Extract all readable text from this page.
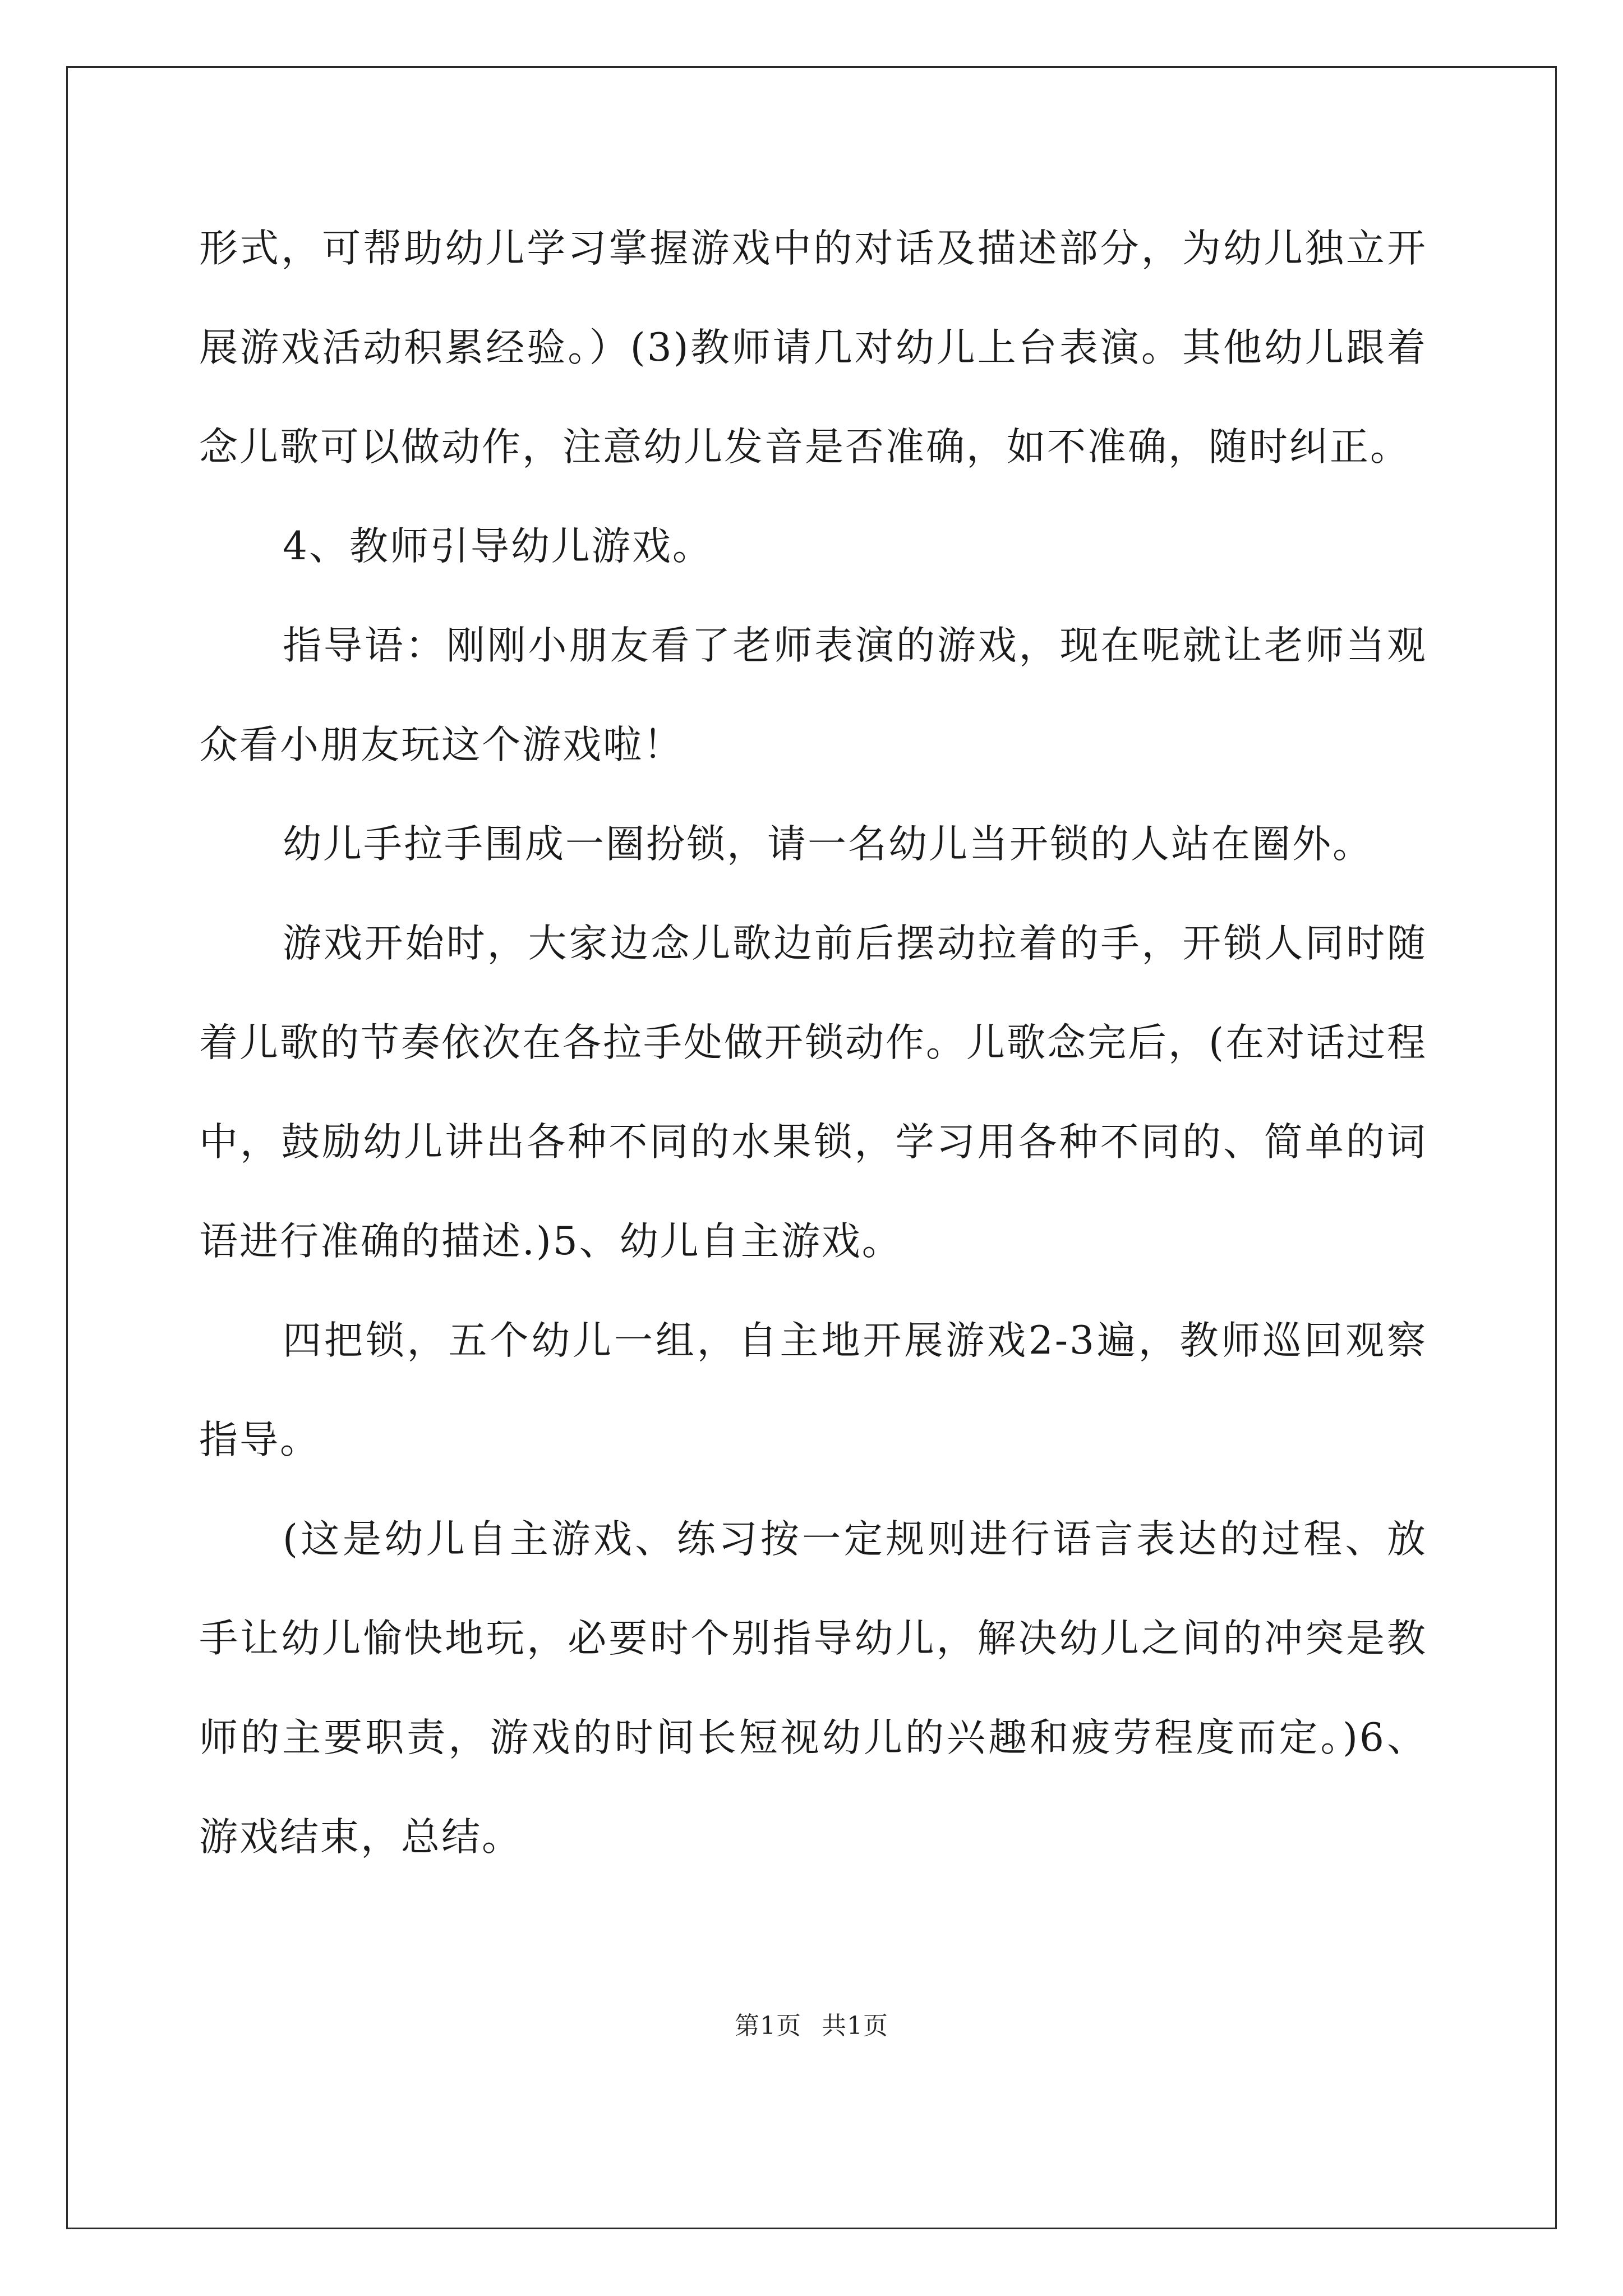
形式，可帮助幼儿学习掌握游戏中的对话及描述部分，为幼儿独立开展游戏活动积累经验。）(3)教师请几对幼儿上台表演。其他幼儿跟着念儿歌可以做动作，注意幼儿发音是否准确，如不准确，随时纠正。

4、教师引导幼儿游戏。

指导语：刚刚小朋友看了老师表演的游戏，现在呢就让老师当观众看小朋友玩这个游戏啦！

幼儿手拉手围成一圈扮锁，请一名幼儿当开锁的人站在圈外。

游戏开始时，大家边念儿歌边前后摆动拉着的手，开锁人同时随着儿歌的节奏依次在各拉手处做开锁动作。儿歌念完后，(在对话过程中，鼓励幼儿讲出各种不同的水果锁，学习用各种不同的、简单的词语进行准确的描述.)5、幼儿自主游戏。

四把锁，五个幼儿一组，自主地开展游戏2-3遍，教师巡回观察指导。

(这是幼儿自主游戏、练习按一定规则进行语言表达的过程、放手让幼儿愉快地玩，必要时个别指导幼儿，解决幼儿之间的冲突是教师的主要职责，游戏的时间长短视幼儿的兴趣和疲劳程度而定。)6、游戏结束，总结。

第1页 共1页
